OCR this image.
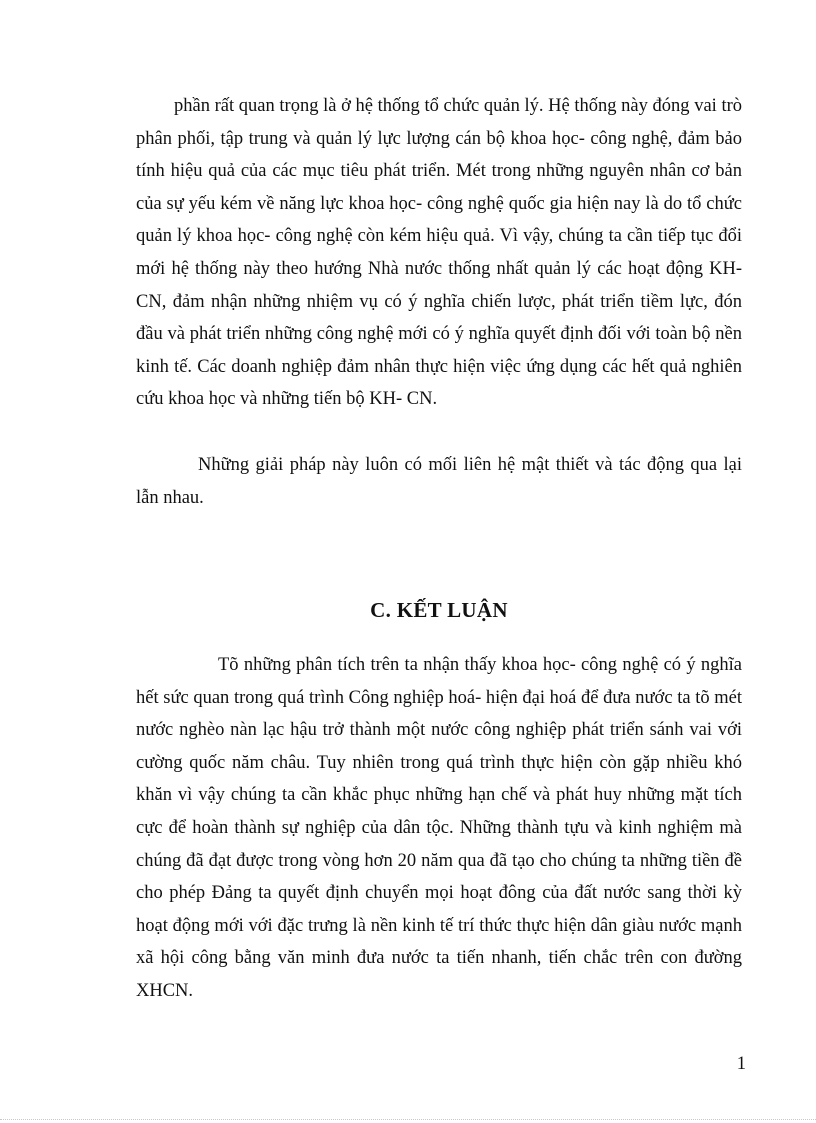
phần rất quan trọng là ở hệ thống tổ chức quản lý. Hệ thống này đóng vai trò phân phối, tập trung và quản lý lực lượng cán bộ khoa học- công nghệ, đảm bảo tính hiệu quả của các mục tiêu phát triển. Mét trong những nguyên nhân cơ bản của sự yếu kém về năng lực khoa học- công nghệ quốc gia hiện nay là do tổ chức quản lý khoa học- công nghệ còn kém hiệu quả. Vì vậy, chúng ta cần tiếp tục đổi mới hệ thống này theo hướng Nhà nước thống nhất quản lý các hoạt động KH- CN, đảm nhận những nhiệm vụ có ý nghĩa chiến lược, phát triển tiềm lực, đón đầu và phát triển những công nghệ mới có ý nghĩa quyết định đối với toàn bộ nền kinh tế. Các doanh nghiệp đảm nhân thực hiện việc ứng dụng các hết quả nghiên cứu khoa học và những tiến bộ KH- CN.

Những giải pháp này luôn có mối liên hệ mật thiết và tác động qua lại lẫn nhau.

C. KẾT LUẬN

Tõ những phân tích trên ta nhận thấy khoa học- công nghệ có ý nghĩa hết sức quan trong quá trình Công nghiệp hoá- hiện đại hoá để đưa nước ta tõ mét nước nghèo nàn lạc hậu trở thành một nước công nghiệp phát triển sánh vai với cường quốc năm châu. Tuy nhiên trong quá trình thực hiện còn gặp nhiều khó khăn vì vậy chúng ta cần khắc phục những hạn chế và phát huy những mặt tích cực để hoàn thành sự nghiệp của dân tộc. Những thành tựu và kinh nghiệm mà chúng đã đạt được trong vòng hơn 20 năm qua đã tạo cho chúng ta những tiền đề cho phép Đảng ta quyết định chuyển mọi hoạt đông của đất nước sang thời kỳ hoạt động mới với đặc trưng là nền kinh tế trí thức thực hiện dân giàu nước mạnh xã hội công bằng văn minh đưa nước ta tiến nhanh, tiến chắc trên con đường XHCN.

1
